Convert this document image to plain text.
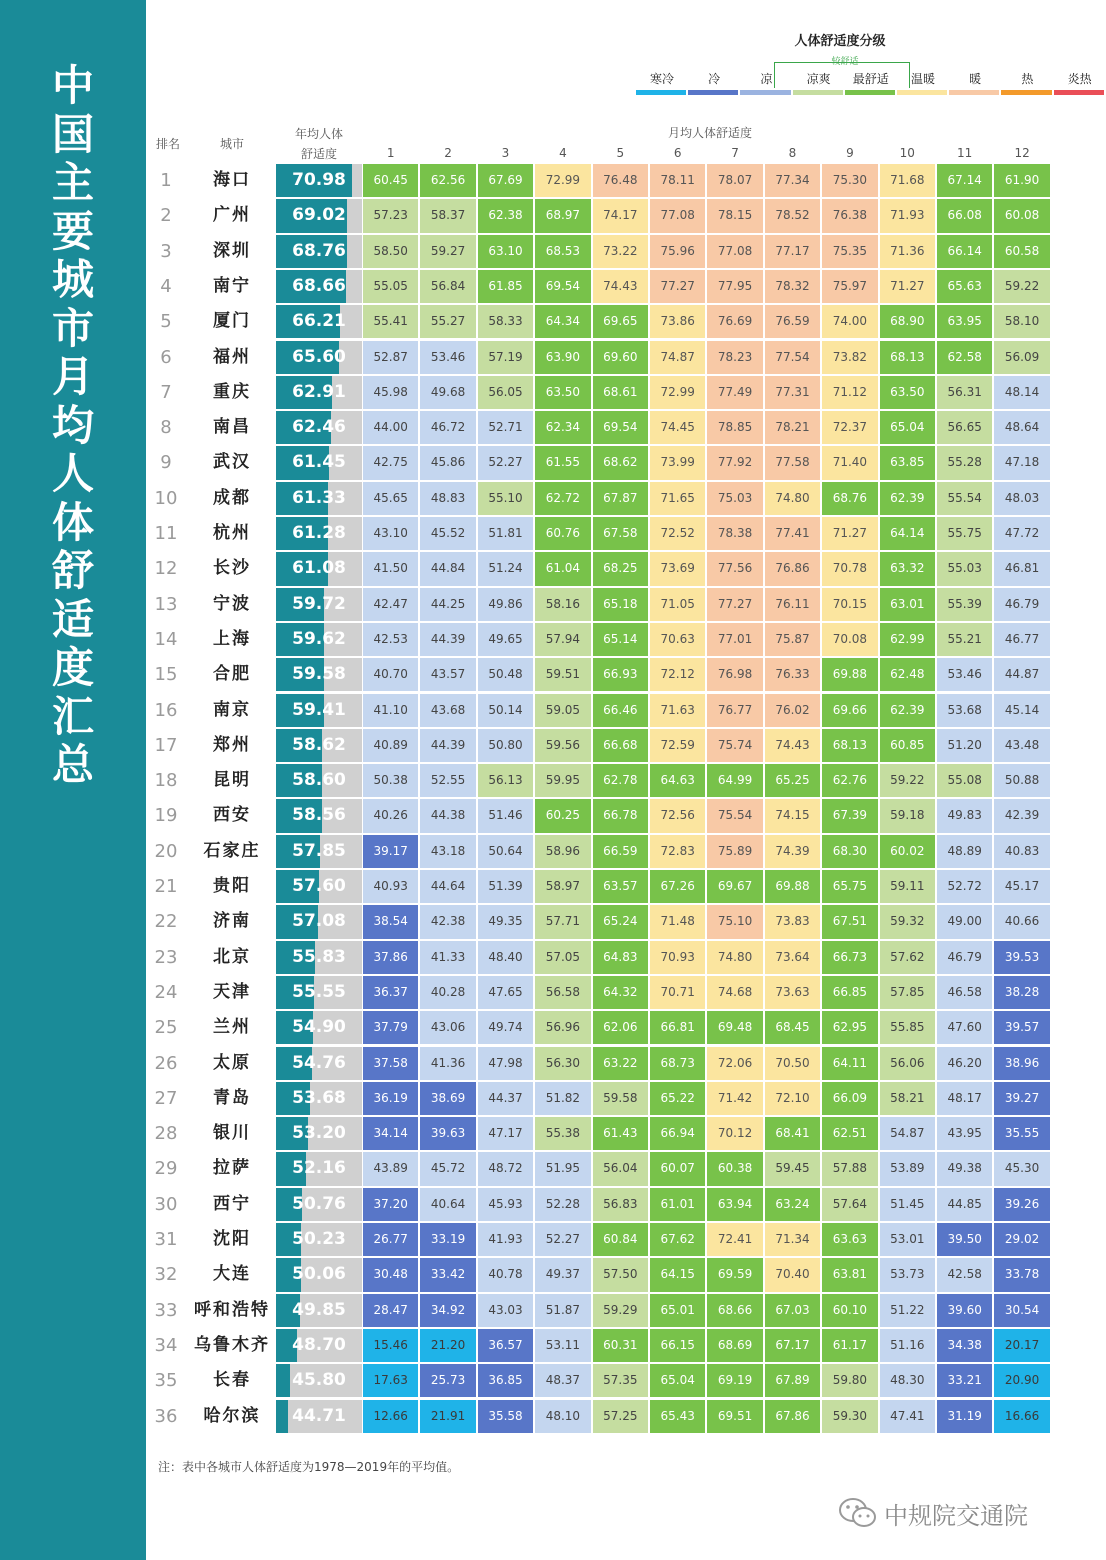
中
国
主
要
城
市
月
均
人
体
舒
适
度
汇
总
人体舒适度分级
较舒适
寒冷	冷	凉	凉爽	最舒适	温暖	暖	热	炎热
排名	城市
年均人体
舒适度
月均人体舒适度
1	2	3	4	5	6	7	8	9	10	11	12
1	海口	70.98	60.45	62.56	67.69	72.99	76.48	78.11	78.07	77.34	75.30	71.68	67.14	61.90
2	广州	69.02	57.23	58.37	62.38	68.97	74.17	77.08	78.15	78.52	76.38	71.93	66.08	60.08
3	深圳	68.76	58.50	59.27	63.10	68.53	73.22	75.96	77.08	77.17	75.35	71.36	66.14	60.58
4	南宁	68.66	55.05	56.84	61.85	69.54	74.43	77.27	77.95	78.32	75.97	71.27	65.63	59.22
5	厦门	66.21	55.41	55.27	58.33	64.34	69.65	73.86	76.69	76.59	74.00	68.90	63.95	58.10
6	福州	65.60	52.87	53.46	57.19	63.90	69.60	74.87	78.23	77.54	73.82	68.13	62.58	56.09
7	重庆	62.91	45.98	49.68	56.05	63.50	68.61	72.99	77.49	77.31	71.12	63.50	56.31	48.14
8	南昌	62.46	44.00	46.72	52.71	62.34	69.54	74.45	78.85	78.21	72.37	65.04	56.65	48.64
9	武汉	61.45	42.75	45.86	52.27	61.55	68.62	73.99	77.92	77.58	71.40	63.85	55.28	47.18
10	成都	61.33	45.65	48.83	55.10	62.72	67.87	71.65	75.03	74.80	68.76	62.39	55.54	48.03
11	杭州	61.28	43.10	45.52	51.81	60.76	67.58	72.52	78.38	77.41	71.27	64.14	55.75	47.72
12	长沙	61.08	41.50	44.84	51.24	61.04	68.25	73.69	77.56	76.86	70.78	63.32	55.03	46.81
13	宁波	59.72	42.47	44.25	49.86	58.16	65.18	71.05	77.27	76.11	70.15	63.01	55.39	46.79
14	上海	59.62	42.53	44.39	49.65	57.94	65.14	70.63	77.01	75.87	70.08	62.99	55.21	46.77
15	合肥	59.58	40.70	43.57	50.48	59.51	66.93	72.12	76.98	76.33	69.88	62.48	53.46	44.87
16	南京	59.41	41.10	43.68	50.14	59.05	66.46	71.63	76.77	76.02	69.66	62.39	53.68	45.14
17	郑州	58.62	40.89	44.39	50.80	59.56	66.68	72.59	75.74	74.43	68.13	60.85	51.20	43.48
18	昆明	58.60	50.38	52.55	56.13	59.95	62.78	64.63	64.99	65.25	62.76	59.22	55.08	50.88
19	西安	58.56	40.26	44.38	51.46	60.25	66.78	72.56	75.54	74.15	67.39	59.18	49.83	42.39
20	石家庄	57.85	39.17	43.18	50.64	58.96	66.59	72.83	75.89	74.39	68.30	60.02	48.89	40.83
21	贵阳	57.60	40.93	44.64	51.39	58.97	63.57	67.26	69.67	69.88	65.75	59.11	52.72	45.17
22	济南	57.08	38.54	42.38	49.35	57.71	65.24	71.48	75.10	73.83	67.51	59.32	49.00	40.66
23	北京	55.83	37.86	41.33	48.40	57.05	64.83	70.93	74.80	73.64	66.73	57.62	46.79	39.53
24	天津	55.55	36.37	40.28	47.65	56.58	64.32	70.71	74.68	73.63	66.85	57.85	46.58	38.28
25	兰州	54.90	37.79	43.06	49.74	56.96	62.06	66.81	69.48	68.45	62.95	55.85	47.60	39.57
26	太原	54.76	37.58	41.36	47.98	56.30	63.22	68.73	72.06	70.50	64.11	56.06	46.20	38.96
27	青岛	53.68	36.19	38.69	44.37	51.82	59.58	65.22	71.42	72.10	66.09	58.21	48.17	39.27
28	银川	53.20	34.14	39.63	47.17	55.38	61.43	66.94	70.12	68.41	62.51	54.87	43.95	35.55
29	拉萨	52.16	43.89	45.72	48.72	51.95	56.04	60.07	60.38	59.45	57.88	53.89	49.38	45.30
30	西宁	50.76	37.20	40.64	45.93	52.28	56.83	61.01	63.94	63.24	57.64	51.45	44.85	39.26
31	沈阳	50.23	26.77	33.19	41.93	52.27	60.84	67.62	72.41	71.34	63.63	53.01	39.50	29.02
32	大连	50.06	30.48	33.42	40.78	49.37	57.50	64.15	69.59	70.40	63.81	53.73	42.58	33.78
33 呼和浩特	49.85	28.47	34.92	43.03	51.87	59.29	65.01	68.66	67.03	60.10	51.22	39.60	30.54
34 乌鲁木齐	48.70	15.46	21.20	36.57	53.11	60.31	66.15	68.69	67.17	61.17	51.16	34.38	20.17
35	长春	45.80	17.63	25.73	36.85	48.37	57.35	65.04	69.19	67.89	59.80	48.30	33.21	20.90
36	哈尔滨	44.71	12.66	21.91	35.58	48.10	57.25	65.43	69.51	67.86	59.30	47.41	31.19	16.66
注：表中各城市人体舒适度为1978—2019年的平均值。
中规院交通院
